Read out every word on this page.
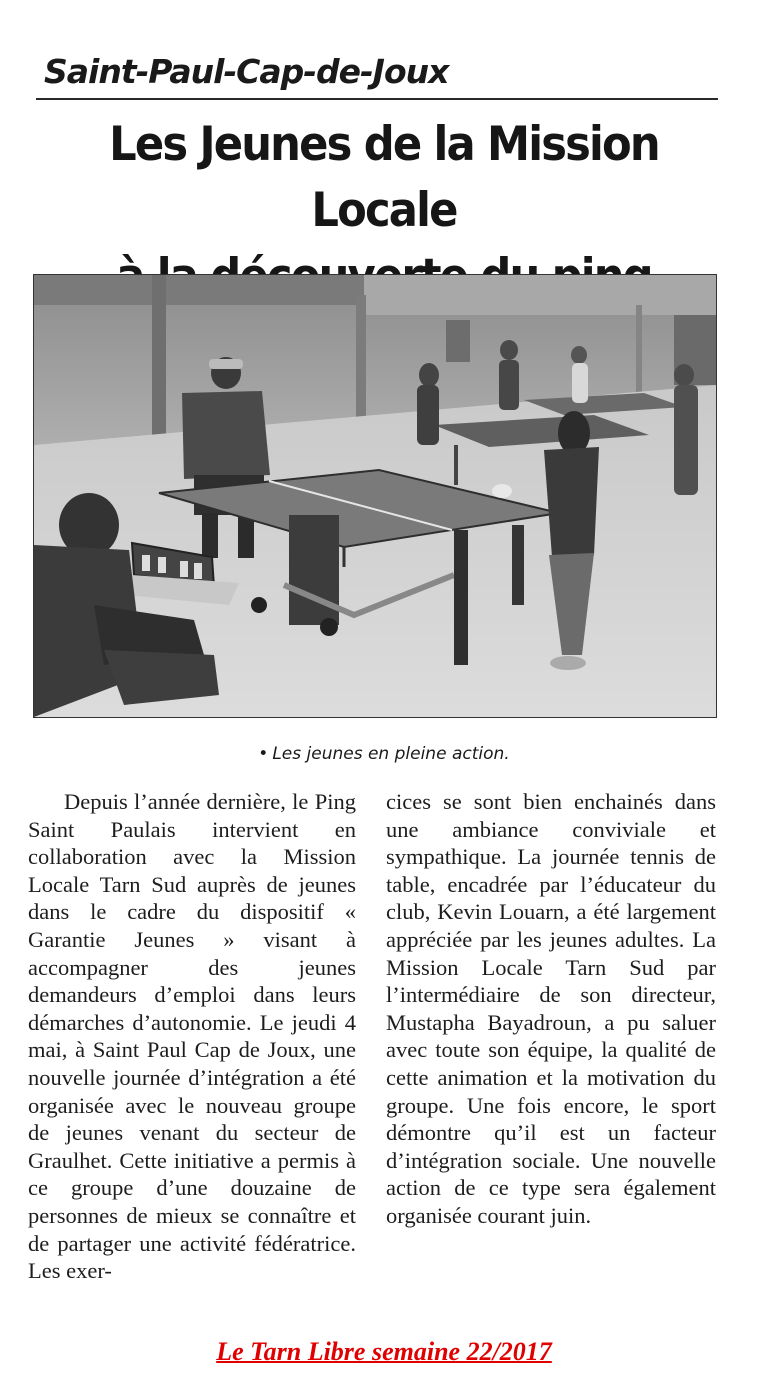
Saint-Paul-Cap-de-Joux
Les Jeunes de la Mission Locale
• Les jeunes en pleine action.

Depuis l’année dernière, le Ping Saint Paulais intervient en collaboration avec la Mission Locale Tarn Sud auprès de jeunes dans le cadre du dispositif « Garantie Jeunes » visant à accompagner des jeunes demandeurs d’emploi dans leurs démarches d’autonomie. Le jeudi 4 mai, à Saint Paul Cap de Joux, une nouvelle journée d’intégration a été organisée avec le nouveau groupe de jeunes venant du secteur de Graulhet. Cette initiative a permis à ce groupe d’une douzaine de personnes de mieux se connaître et de partager une activité fédératrice. Les exer-

cices se sont bien enchainés dans une ambiance conviviale et sympathique. La journée tennis de table, encadrée par l’éducateur du club, Kevin Louarn, a été largement appréciée par les jeunes adultes. La Mission Locale Tarn Sud par l’intermédiaire de son directeur, Mustapha Bayadroun, a pu saluer avec toute son équipe, la qualité de cette animation et la motivation du groupe. Une fois encore, le sport démontre qu’il est un facteur d’intégration sociale. Une nouvelle action de ce type sera également organisée courant juin.

Le Tarn Libre semaine 22/2017
